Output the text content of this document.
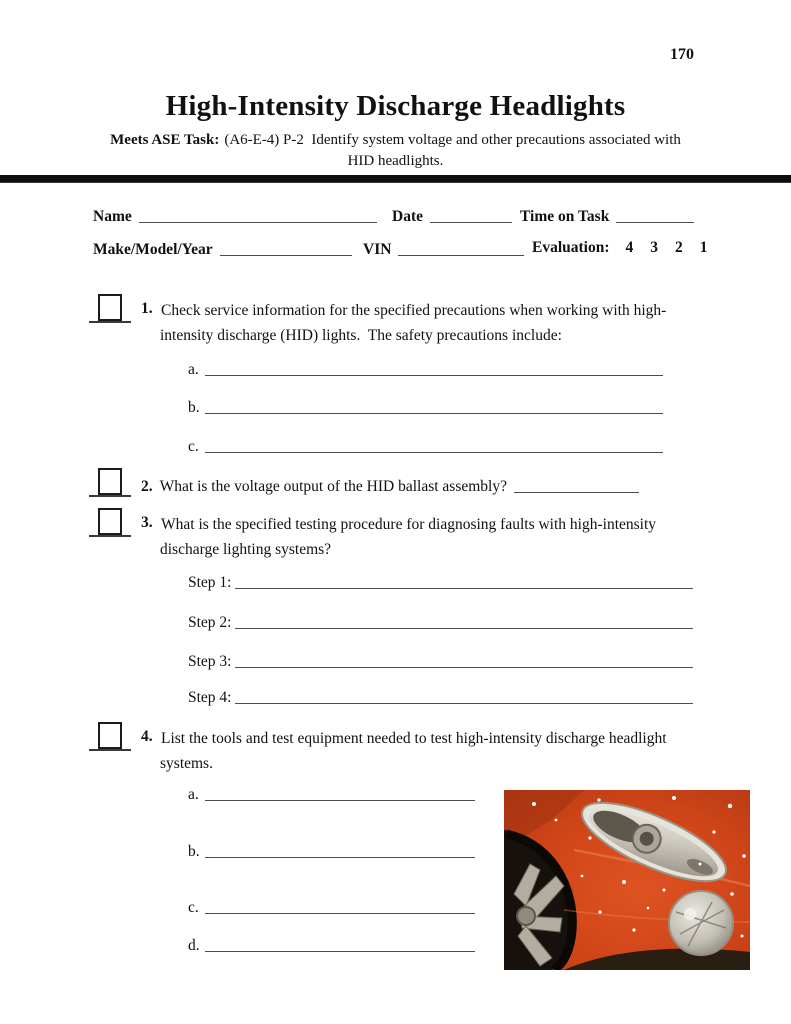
170
High-Intensity Discharge Headlights
Meets ASE Task: (A6-E-4) P-2  Identify system voltage and other precautions associated with
HID headlights.
Name	Date	Time on Task
Make/Model/Year	VIN	Evaluation: 4 3 2 1
1. Check service information for the specified precautions when working with high-
intensity discharge (HID) lights.  The safety precautions include:
a.
b.
c.
2. What is the voltage output of the HID ballast assembly?
3. What is the specified testing procedure for diagnosing faults with high-intensity
discharge lighting systems?
Step 1:
Step 2:
Step 3:
Step 4:
4. List the tools and test equipment needed to test high-intensity discharge headlight
systems.
a.
b.
c.
d.
